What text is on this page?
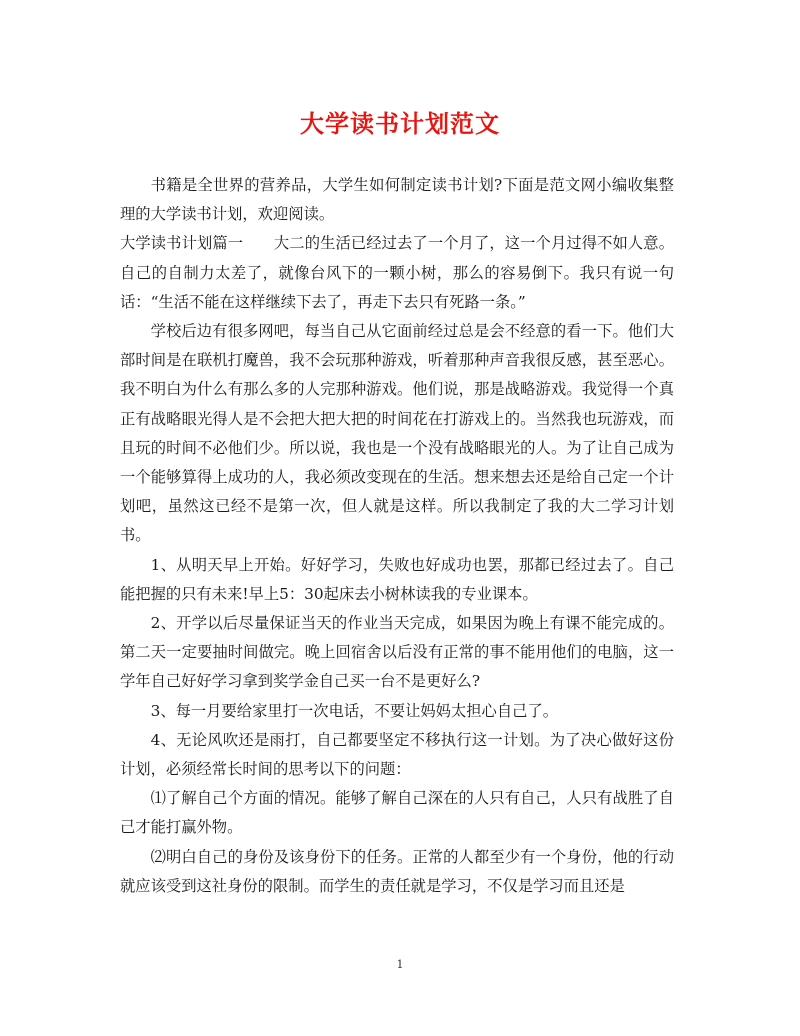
大学读书计划范文

书籍是全世界的营养品，大学生如何制定读书计划?下面是范文网小编收集整理的大学读书计划，欢迎阅读。

大学读书计划篇一　　大二的生活已经过去了一个月了，这一个月过得不如人意。自己的自制力太差了，就像台风下的一颗小树，那么的容易倒下。我只有说一句话：“生活不能在这样继续下去了，再走下去只有死路一条。”

学校后边有很多网吧，每当自己从它面前经过总是会不经意的看一下。他们大部时间是在联机打魔兽，我不会玩那种游戏，听着那种声音我很反感，甚至恶心。我不明白为什么有那么多的人完那种游戏。他们说，那是战略游戏。我觉得一个真正有战略眼光得人是不会把大把大把的时间花在打游戏上的。当然我也玩游戏，而且玩的时间不必他们少。所以说，我也是一个没有战略眼光的人。为了让自己成为一个能够算得上成功的人，我必须改变现在的生活。想来想去还是给自己定一个计划吧，虽然这已经不是第一次，但人就是这样。所以我制定了我的大二学习计划书。

1、从明天早上开始。好好学习，失败也好成功也罢，那都已经过去了。自己能把握的只有未来!早上5：30起床去小树林读我的专业课本。

2、开学以后尽量保证当天的作业当天完成，如果因为晚上有课不能完成的。第二天一定要抽时间做完。晚上回宿舍以后没有正常的事不能用他们的电脑，这一学年自己好好学习拿到奖学金自己买一台不是更好么?

3、每一月要给家里打一次电话，不要让妈妈太担心自己了。

4、无论风吹还是雨打，自己都要坚定不移执行这一计划。为了决心做好这份计划，必须经常长时间的思考以下的问题：

⑴了解自己个方面的情况。能够了解自己深在的人只有自己，人只有战胜了自己才能打赢外物。

⑵明白自己的身份及该身份下的任务。正常的人都至少有一个身份，他的行动就应该受到这社身份的限制。而学生的责任就是学习，不仅是学习而且还是

1
